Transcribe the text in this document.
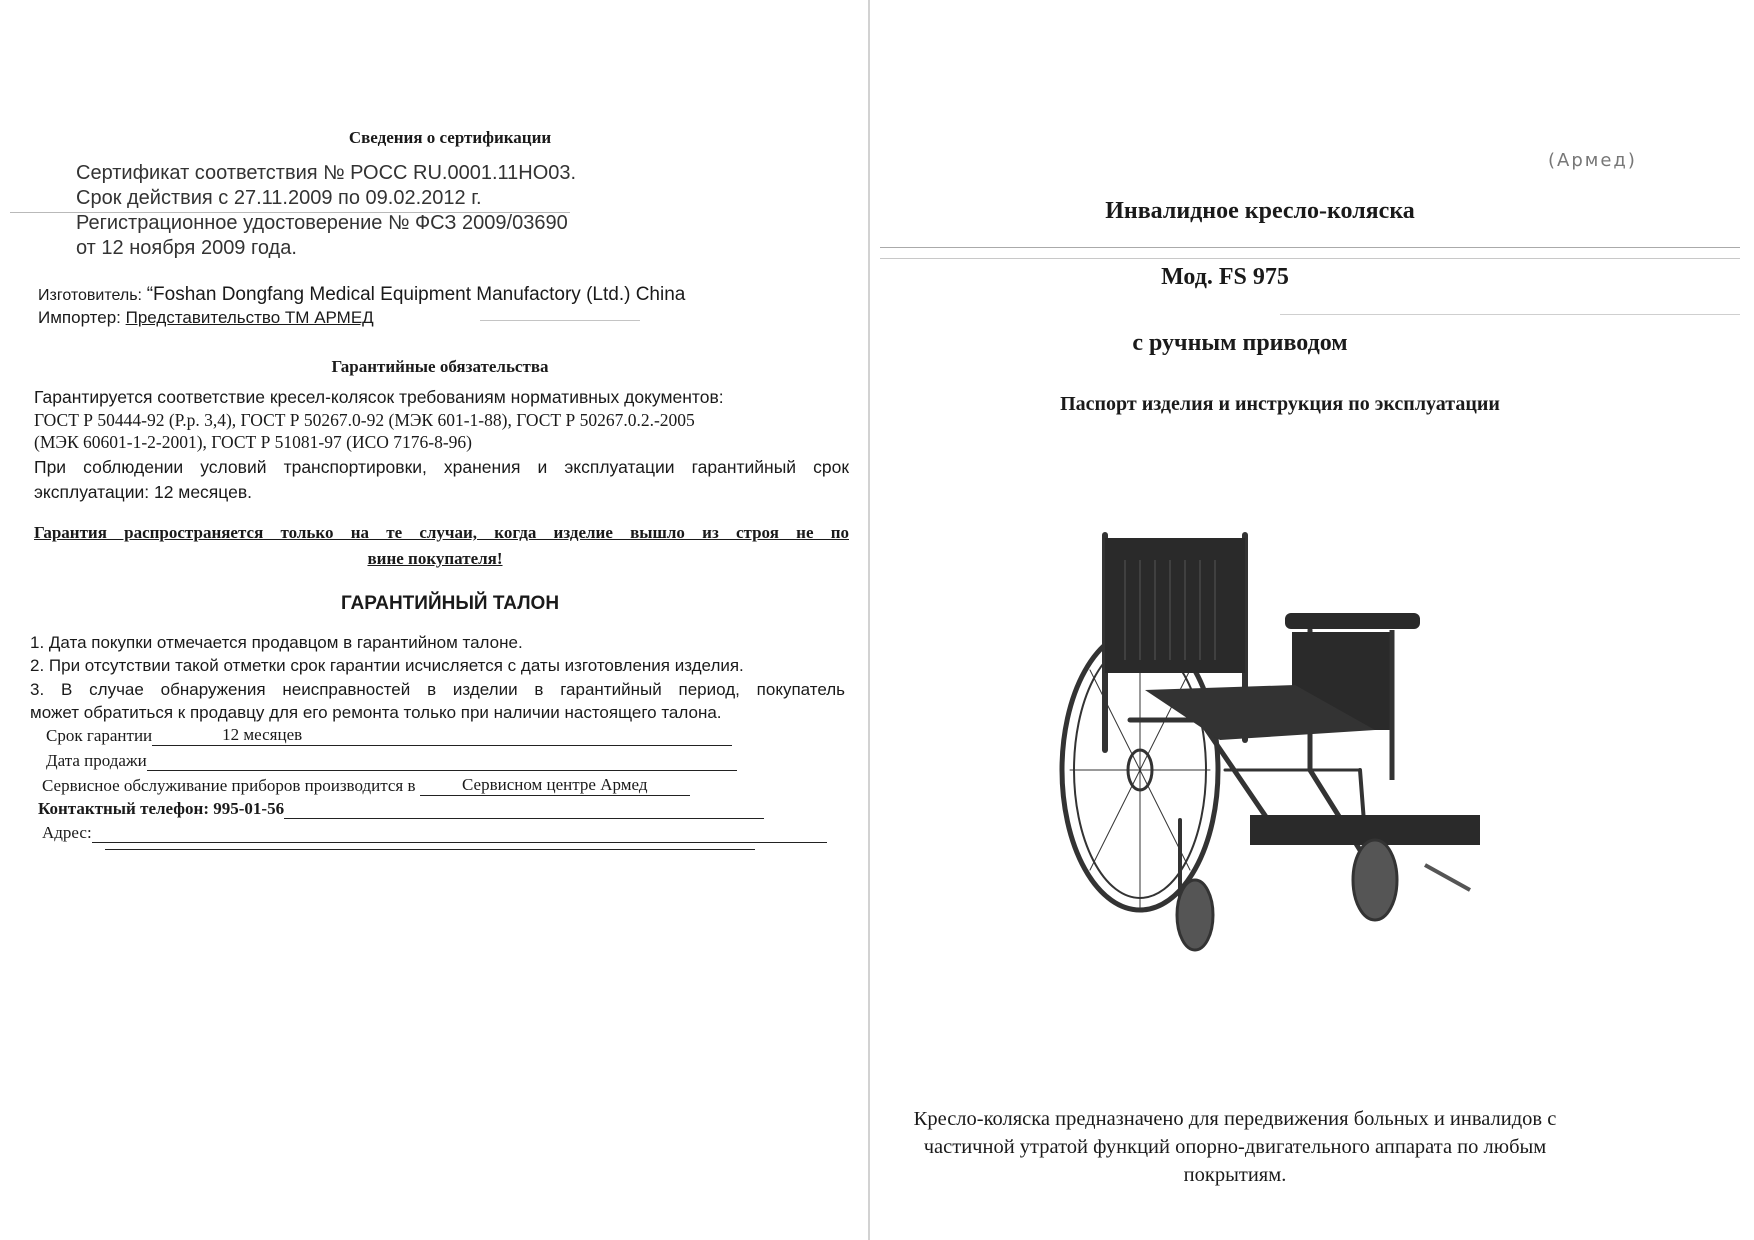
Сведения о сертификации
Сертификат соответствия № РОСС RU.0001.11НО03.
Срок действия с 27.11.2009 по 09.02.2012 г.
Регистрационное удостоверение № ФСЗ 2009/03690
от 12 ноября 2009 года.
Изготовитель: “Foshan Dongfang Medical Equipment Manufactory (Ltd.) China
Импортер: Представительство ТМ АРМЕД
Гарантийные обязательства
Гарантируется соответствие кресел-колясок требованиям нормативных документов:
ГОСТ Р 50444-92 (Р.р. 3,4), ГОСТ Р 50267.0-92 (МЭК 601-1-88), ГОСТ Р 50267.0.2.-2005
(МЭК 60601-1-2-2001), ГОСТ Р 51081-97 (ИСО 7176-8-96)
При соблюдении условий транспортировки, хранения и эксплуатации гарантийный срок
эксплуатации: 12 месяцев.
Гарантия распространяется только на те случаи, когда изделие вышло из строя не по
вине покупателя!
ГАРАНТИЙНЫЙ ТАЛОН
1. Дата покупки отмечается продавцом в гарантийном талоне.
2. При отсутствии такой отметки срок гарантии исчисляется с даты изготовления изделия.
3. В случае обнаружения неисправностей в изделии в гарантийный период, покупатель
может обратиться к продавцу для его ремонта только при наличии настоящего талона.
Срок гарантии	12 месяцев
Дата продажи
Сервисное обслуживание приборов производится в	Сервисном центре Армед
Контактный телефон: 995-01-56
Адрес:
(Армед)
Инвалидное кресло-коляска
Мод. FS 975
с ручным приводом
Паспорт изделия и инструкция по эксплуатации
Кресло-коляска предназначено для передвижения больных и инвалидов с
частичной утратой функций опорно-двигательного аппарата по любым
покрытиям.
